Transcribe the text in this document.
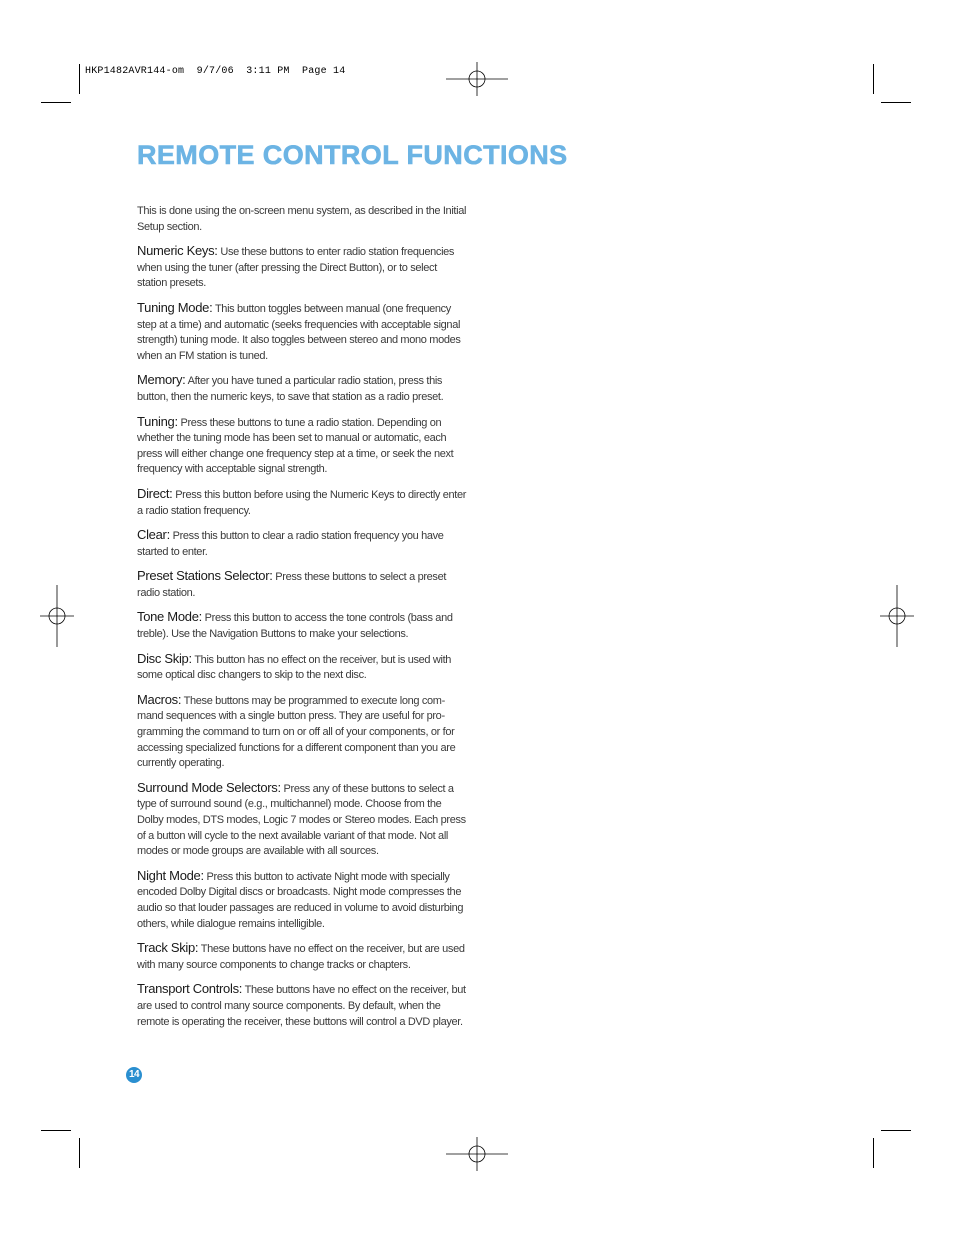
HKP1482AVR144-om  9/7/06  3:11 PM  Page 14
REMOTE CONTROL FUNCTIONS

This is done using the on-screen menu system, as described in the Initial Setup section.

Numeric Keys: Use these buttons to enter radio station frequencies when using the tuner (after pressing the Direct Button), or to select station presets.

Tuning Mode: This button toggles between manual (one frequency step at a time) and automatic (seeks frequencies with acceptable signal strength) tuning mode. It also toggles between stereo and mono modes when an FM station is tuned.

Memory: After you have tuned a particular radio station, press this button, then the numeric keys, to save that station as a radio preset.

Tuning: Press these buttons to tune a radio station. Depending on whether the tuning mode has been set to manual or automatic, each press will either change one frequency step at a time, or seek the next frequency with acceptable signal strength.

Direct: Press this button before using the Numeric Keys to directly enter a radio station frequency.

Clear: Press this button to clear a radio station frequency you have started to enter.

Preset Stations Selector: Press these buttons to select a preset radio station.

Tone Mode: Press this button to access the tone controls (bass and treble). Use the Navigation Buttons to make your selections.

Disc Skip: This button has no effect on the receiver, but is used with some optical disc changers to skip to the next disc.

Macros: These buttons may be programmed to execute long com-mand sequences with a single button press. They are useful for pro-gramming the command to turn on or off all of your components, or for accessing specialized functions for a different component than you are currently operating.

Surround Mode Selectors: Press any of these buttons to select a type of surround sound (e.g., multichannel) mode. Choose from the Dolby modes, DTS modes, Logic 7 modes or Stereo modes. Each press of a button will cycle to the next available variant of that mode. Not all modes or mode groups are available with all sources.

Night Mode: Press this button to activate Night mode with specially encoded Dolby Digital discs or broadcasts. Night mode compresses the audio so that louder passages are reduced in volume to avoid disturbing others, while dialogue remains intelligible.

Track Skip: These buttons have no effect on the receiver, but are used with many source components to change tracks or chapters.

Transport Controls: These buttons have no effect on the receiver, but are used to control many source components. By default, when the remote is operating the receiver, these buttons will control a DVD player.

14
